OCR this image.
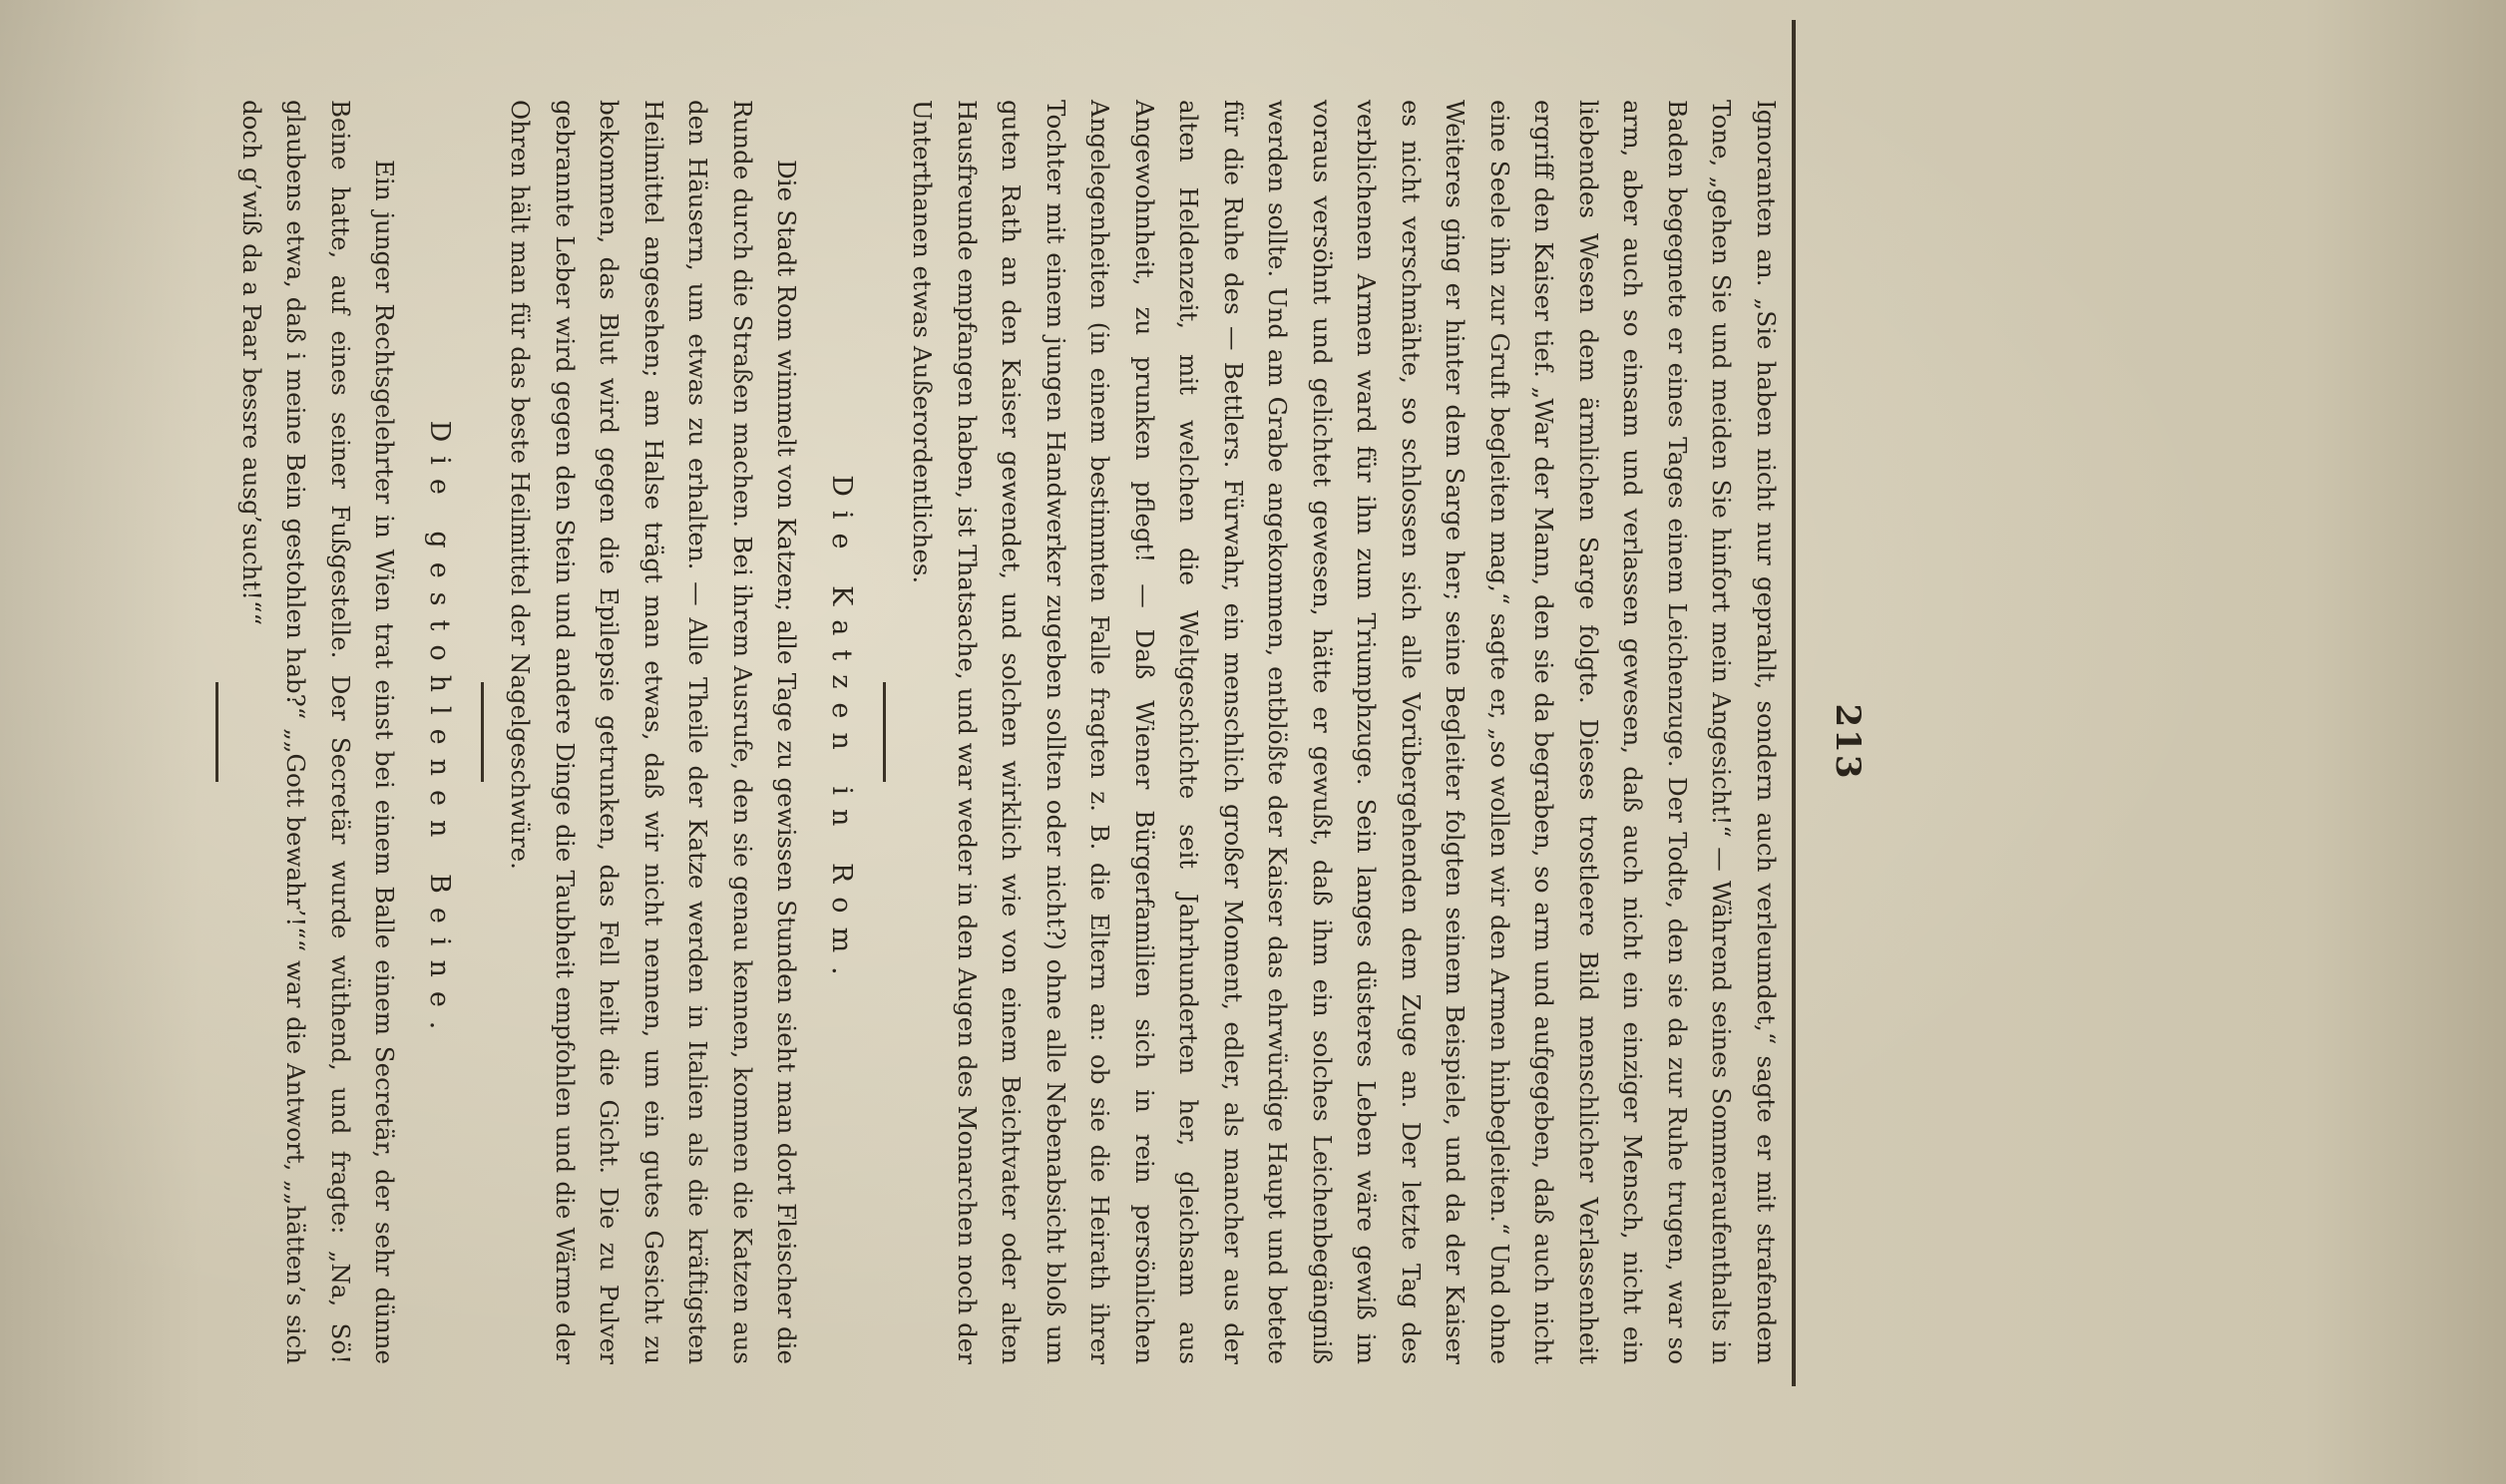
213

Ignoranten an. „Sie haben nicht nur geprahlt, sondern auch verleumdet,“ sagte er mit strafendem Tone, „gehen Sie und meiden Sie hinfort mein Angesicht!“ — Während seines Sommeraufenthalts in Baden begegnete er eines Tages einem Leichenzuge. Der Todte, den sie da zur Ruhe trugen, war so arm, aber auch so einsam und verlassen gewesen, daß auch nicht ein einziger Mensch, nicht ein liebendes Wesen dem ärmlichen Sarge folgte. Dieses trostleere Bild menschlicher Verlassenheit ergriff den Kaiser tief. „War der Mann, den sie da begraben, so arm und aufgegeben, daß auch nicht eine Seele ihn zur Gruft begleiten mag,“ sagte er, „so wollen wir den Armen hinbegleiten.“ Und ohne Weiteres ging er hinter dem Sarge her; seine Begleiter folgten seinem Beispiele, und da der Kaiser es nicht verschmähte, so schlossen sich alle Vorübergehenden dem Zuge an. Der letzte Tag des verblichenen Armen ward für ihn zum Triumphzuge. Sein langes düsteres Leben wäre gewiß im voraus versöhnt und gelichtet gewesen, hätte er gewußt, daß ihm ein solches Leichenbegängniß werden sollte. Und am Grabe angekommen, entblößte der Kaiser das ehrwürdige Haupt und betete für die Ruhe des — Bettlers. Fürwahr, ein menschlich großer Moment, edler, als mancher aus der alten Heldenzeit, mit welchen die Weltgeschichte seit Jahrhunderten her, gleichsam aus Angewohnheit, zu prunken pflegt! — Daß Wiener Bürgerfamilien sich in rein persönlichen Angelegenheiten (in einem bestimmten Falle fragten z. B. die Eltern an: ob sie die Heirath ihrer Tochter mit einem jungen Handwerker zugeben sollten oder nicht?) ohne alle Nebenabsicht bloß um guten Rath an den Kaiser gewendet, und solchen wirklich wie von einem Beichtvater oder alten Hausfreunde empfangen haben, ist Thatsache, und war weder in den Augen des Monarchen noch der Unterthanen etwas Außerordentliches.

Die Katzen in Rom.

Die Stadt Rom wimmelt von Katzen; alle Tage zu gewissen Stunden sieht man dort Fleischer die Runde durch die Straßen machen. Bei ihrem Ausrufe, den sie genau kennen, kommen die Katzen aus den Häusern, um etwas zu erhalten. — Alle Theile der Katze werden in Italien als die kräftigsten Heilmittel angesehen; am Halse trägt man etwas, daß wir nicht nennen, um ein gutes Gesicht zu bekommen, das Blut wird gegen die Epilepsie getrunken, das Fell heilt die Gicht. Die zu Pulver gebrannte Leber wird gegen den Stein und andere Dinge die Taubheit empfohlen und die Wärme der Ohren hält man für das beste Heilmittel der Nagelgeschwüre.

Die gestohlenen Beine.

Ein junger Rechtsgelehrter in Wien trat einst bei einem Balle einem Secretär, der sehr dünne Beine hatte, auf eines seiner Fußgestelle. Der Secretär wurde wüthend, und fragte: „Na, Sö! glaubens etwa, daß i meine Bein gestohlen hab?“ „„Gott bewahr’!““ war die Antwort, „„hätten’s sich doch g’wiß da a Paar bessre ausg’sucht!““
